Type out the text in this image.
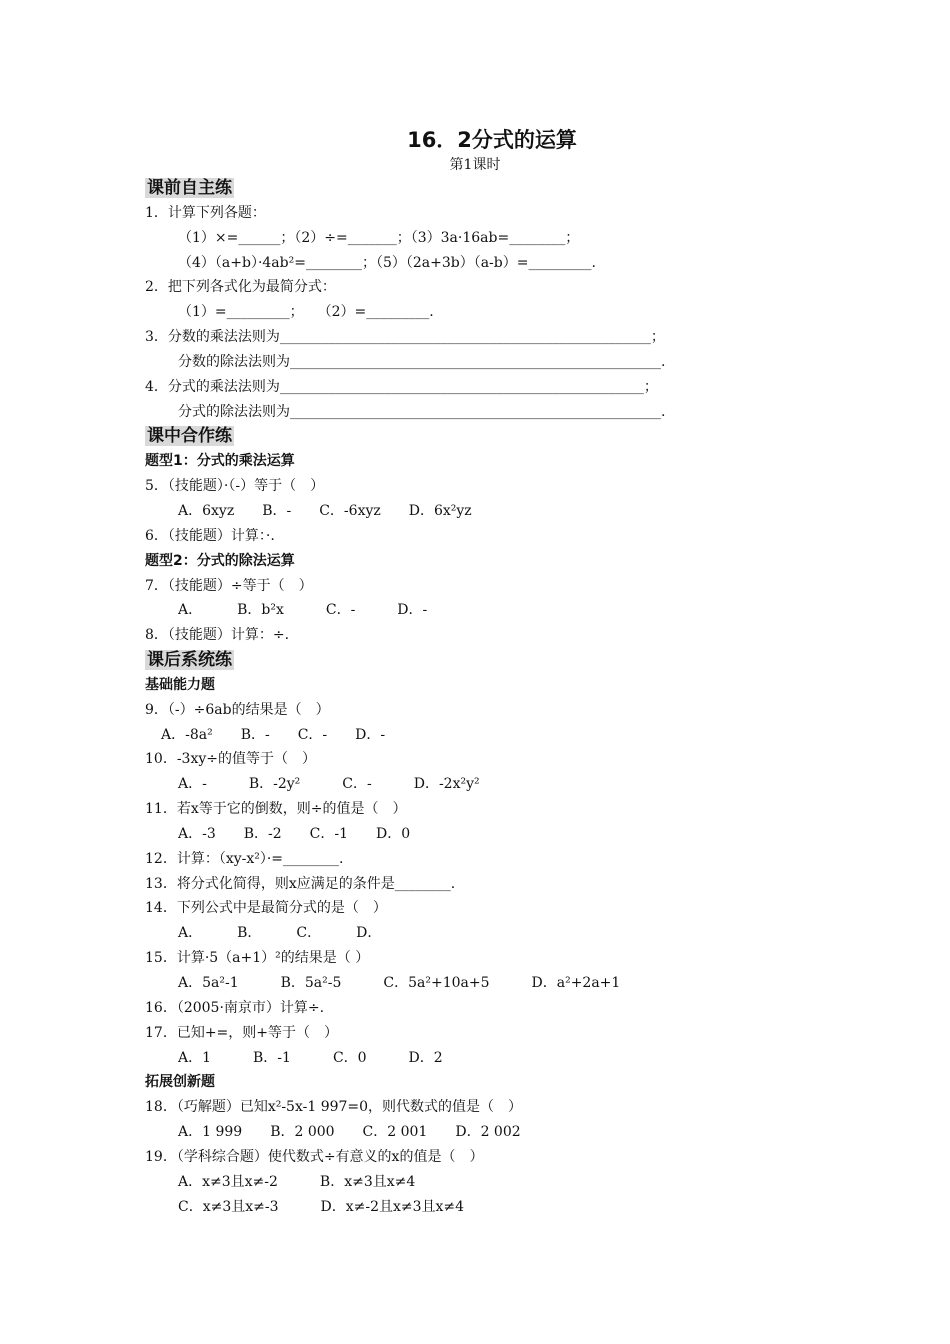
16．2分式的运算
第1课时
课前自主练
1．计算下列各题：
（1）×=______；（2）÷=_______；（3）3a·16ab=________；
（4）（a+b）·4ab²=________；（5）（2a+3b）（a-b）=_________.
2．把下列各式化为最简分式：
（1）=_________；　　（2）=_________.
3．分数的乘法法则为_____________________________________________________；
分数的除法法则为_____________________________________________________.
4．分式的乘法法则为____________________________________________________；
分式的除法法则为_____________________________________________________.
课中合作练
题型1：分式的乘法运算
5．（技能题）·（-）等于（　）
A．6xyz　　B．-　　C．-6xyz　　D．6x²yz
6．（技能题）计算：·.
题型2：分式的除法运算
7．（技能题）÷等于（　）
A．　　　B．b²x　　　C．-　　　D．-
8．（技能题）计算：÷.
课后系统练
基础能力题
9．（-）÷6ab的结果是（　）
A．-8a²　　B．-　　C．-　　D．-
10．-3xy÷的值等于（　）
A．-　　　B．-2y²　　　C．-　　　D．-2x²y²
11．若x等于它的倒数，则÷的值是（　）
A．-3　　B．-2　　C．-1　　D．0
12．计算：（xy-x²）·=________.
13．将分式化简得，则x应满足的条件是________.
14．下列公式中是最简分式的是（　）
A．　　　B．　　　C．　　　D．
15．计算·5（a+1）²的结果是（ ）
A．5a²-1　　　B．5a²-5　　　C．5a²+10a+5　　　D．a²+2a+1
16．（2005·南京市）计算÷.
17．已知+=，则+等于（　）
A．1　　　B．-1　　　C．0　　　D．2
拓展创新题
18．（巧解题）已知x²-5x-1 997=0，则代数式的值是（　）
A．1 999　　B．2 000　　C．2 001　　D．2 002
19．（学科综合题）使代数式÷有意义的x的值是（　）
A．x≠3且x≠-2　　　B．x≠3且x≠4
C．x≠3且x≠-3　　　D．x≠-2且x≠3且x≠4
